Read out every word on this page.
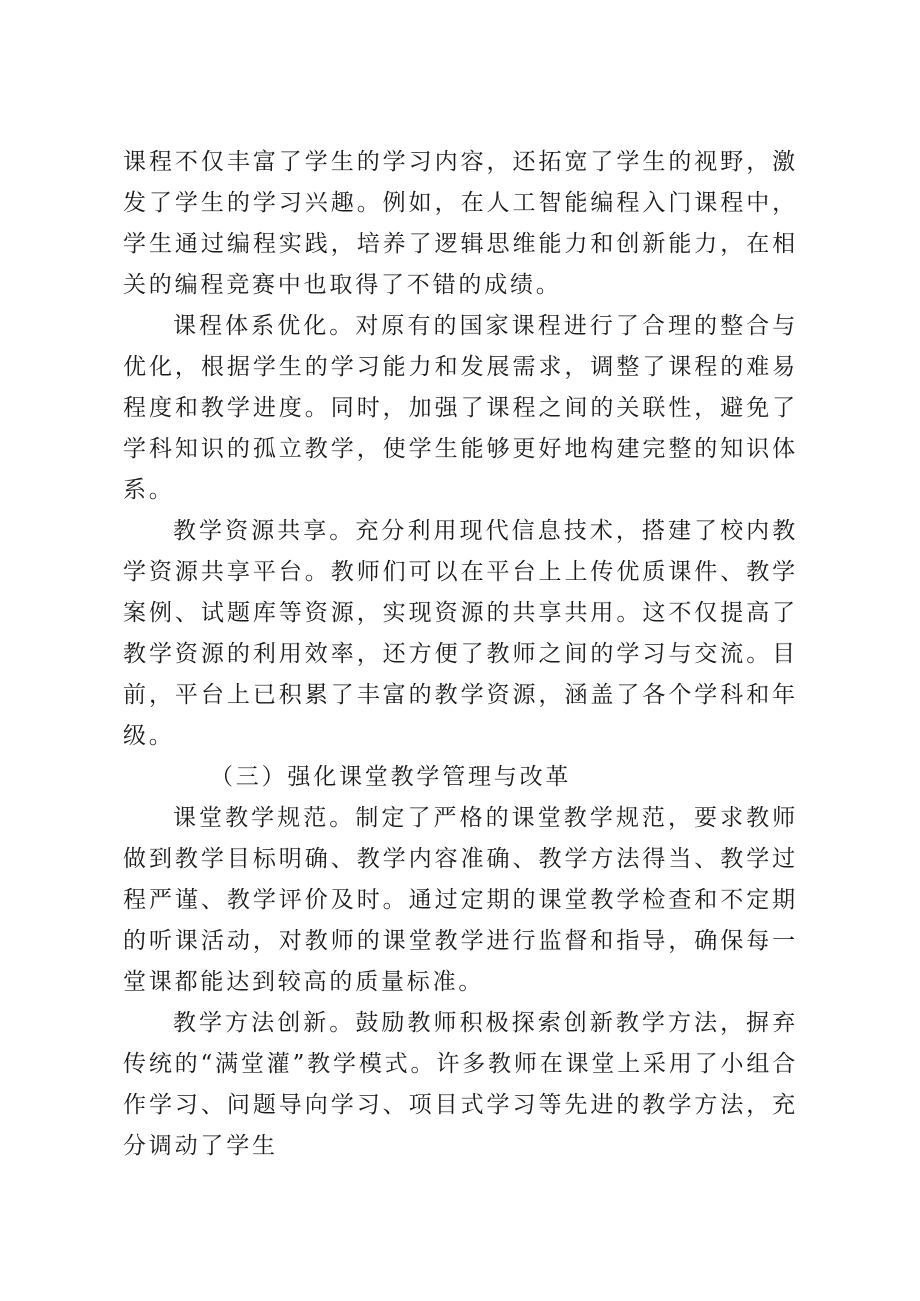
课程不仅丰富了学生的学习内容，还拓宽了学生的视野，激发了学生的学习兴趣。例如，在人工智能编程入门课程中，学生通过编程实践，培养了逻辑思维能力和创新能力，在相关的编程竞赛中也取得了不错的成绩。

课程体系优化。对原有的国家课程进行了合理的整合与优化，根据学生的学习能力和发展需求，调整了课程的难易程度和教学进度。同时，加强了课程之间的关联性，避免了学科知识的孤立教学，使学生能够更好地构建完整的知识体系。

教学资源共享。充分利用现代信息技术，搭建了校内教学资源共享平台。教师们可以在平台上上传优质课件、教学案例、试题库等资源，实现资源的共享共用。这不仅提高了教学资源的利用效率，还方便了教师之间的学习与交流。目前，平台上已积累了丰富的教学资源，涵盖了各个学科和年级。

（三）强化课堂教学管理与改革

课堂教学规范。制定了严格的课堂教学规范，要求教师做到教学目标明确、教学内容准确、教学方法得当、教学过程严谨、教学评价及时。通过定期的课堂教学检查和不定期的听课活动，对教师的课堂教学进行监督和指导，确保每一堂课都能达到较高的质量标准。

教学方法创新。鼓励教师积极探索创新教学方法，摒弃传统的“满堂灌”教学模式。许多教师在课堂上采用了小组合作学习、问题导向学习、项目式学习等先进的教学方法，充分调动了学生
